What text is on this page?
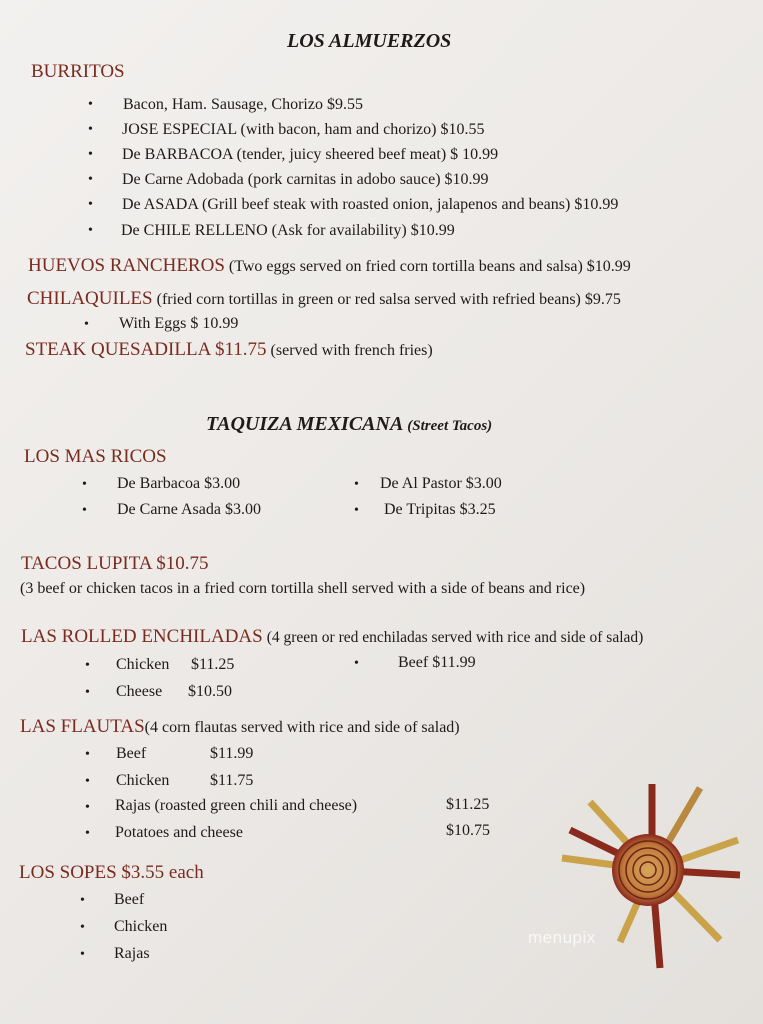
LOS ALMUERZOS
BURRITOS
• Bacon, Ham. Sausage, Chorizo $9.55
• JOSE ESPECIAL (with bacon, ham and chorizo) $10.55
• De BARBACOA (tender, juicy sheered beef meat) $ 10.99
• De Carne Adobada (pork carnitas in adobo sauce) $10.99
• De ASADA (Grill beef steak with roasted onion, jalapenos and beans) $10.99
• De CHILE RELLENO (Ask for availability) $10.99
HUEVOS RANCHEROS (Two eggs served on fried corn tortilla beans and salsa) $10.99
CHILAQUILES (fried corn tortillas in green or red salsa served with refried beans) $9.75
• With Eggs $ 10.99
STEAK QUESADILLA $11.75 (served with french fries)
TAQUIZA MEXICANA (Street Tacos)
LOS MAS RICOS
• De Barbacoa $3.00
• De Carne Asada $3.00
• De Al Pastor $3.00
• De Tripitas $3.25
TACOS LUPITA $10.75
(3 beef or chicken tacos in a fried corn tortilla shell served with a side of beans and rice)
LAS ROLLED ENCHILADAS (4 green or red enchiladas served with rice and side of salad)
• Chicken $11.25
• Cheese $10.50
• Beef $11.99
LAS FLAUTAS(4 corn flautas served with rice and side of salad)
• Beef	$11.99
• Chicken	$11.75
• Rajas (roasted green chili and cheese)	$11.25
• Potatoes and cheese	$10.75
LOS SOPES $3.55 each
• Beef
• Chicken
• Rajas
menupix
